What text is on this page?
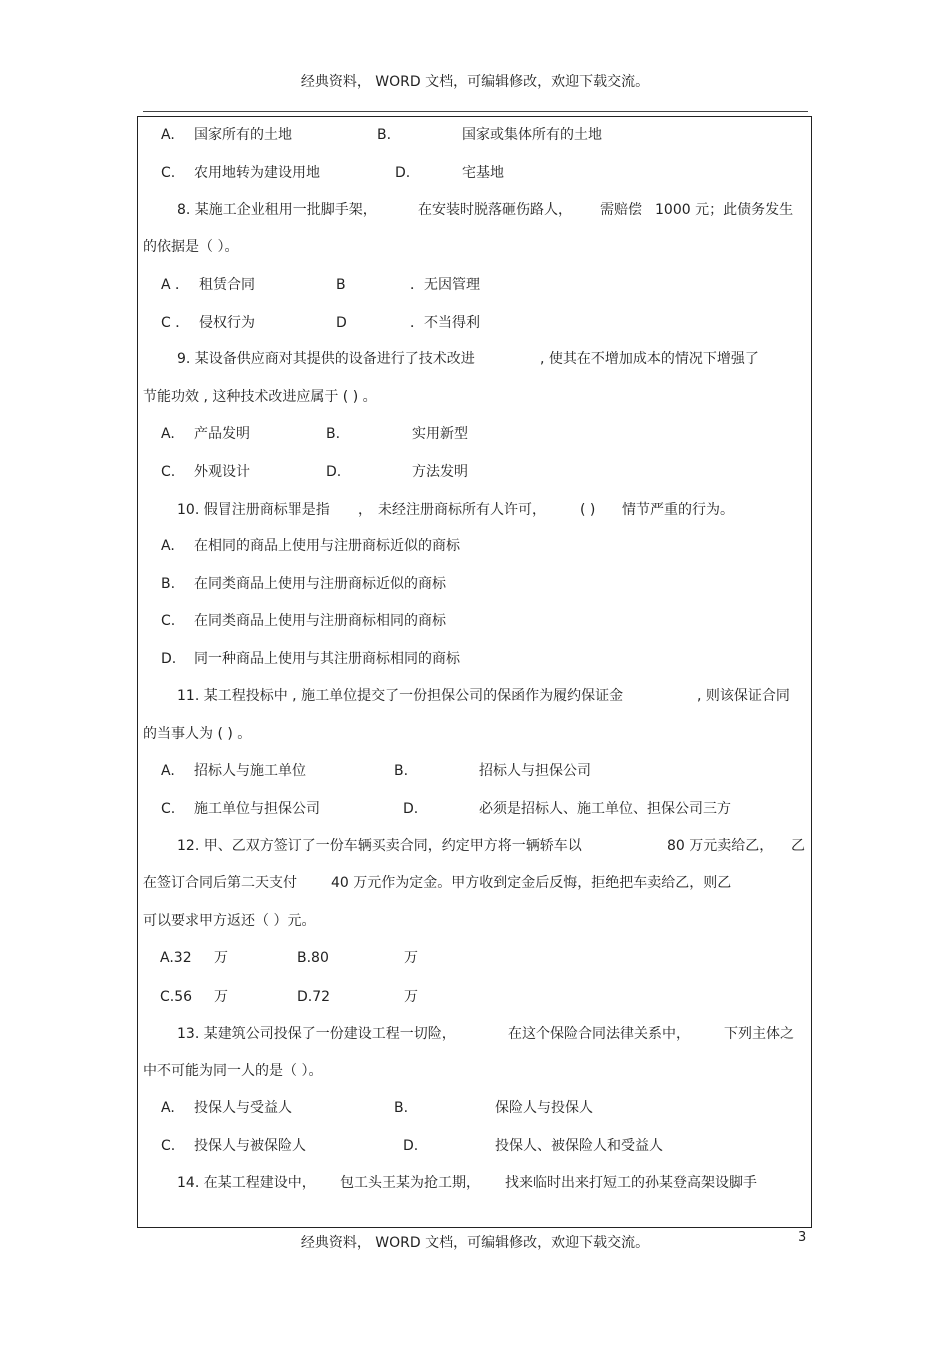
经典资料， WORD 文档，可编辑修改，欢迎下载交流。
A. 国家所有的土地	B.	国家或集体所有的土地
C. 农用地转为建设用地	D.	宅基地
8. 某施工企业租用一批脚手架，	在安装时脱落砸伤路人， 需赔偿 1000 元；此债务发生
的依据是（ ）。
A ． 租赁合同	B	．无因管理
C ． 侵权行为	D	．不当得利
9. 某设备供应商对其提供的设备进行了技术改进	, 使其在不增加成本的情况下增强了
节能功效 , 这种技术改进应属于 ( ) 。
A. 产品发明	B.	实用新型
C. 外观设计	D.	方法发明
10. 假冒注册商标罪是指 ， 未经注册商标所有人许可， ( ) 情节严重的行为。
A. 在相同的商品上使用与注册商标近似的商标
B. 在同类商品上使用与注册商标近似的商标
C. 在同类商品上使用与注册商标相同的商标
D. 同一种商品上使用与其注册商标相同的商标
11. 某工程投标中 , 施工单位提交了一份担保公司的保函作为履约保证金	, 则该保证合同
的当事人为 ( ) 。
A. 招标人与施工单位	B.	招标人与担保公司
C. 施工单位与担保公司	D.	必须是招标人、施工单位、担保公司三方
12. 甲、乙双方签订了一份车辆买卖合同，约定甲方将一辆轿车以	80 万元卖给乙， 乙
在签订合同后第二天支付 40 万元作为定金。甲方收到定金后反悔，拒绝把车卖给乙，则乙
可以要求甲方返还（ ）元。
A.32 万	B.80	万
C.56 万	D.72	万
13. 某建筑公司投保了一份建设工程一切险，	在这个保险合同法律关系中， 下列主体之
中不可能为同一人的是（ ）。
A. 投保人与受益人	B.	保险人与投保人
C. 投保人与被保险人	D.	投保人、被保险人和受益人
14. 在某工程建设中， 包工头王某为抢工期， 找来临时出来打短工的孙某登高架设脚手
经典资料， WORD 文档，可编辑修改，欢迎下载交流。	3
